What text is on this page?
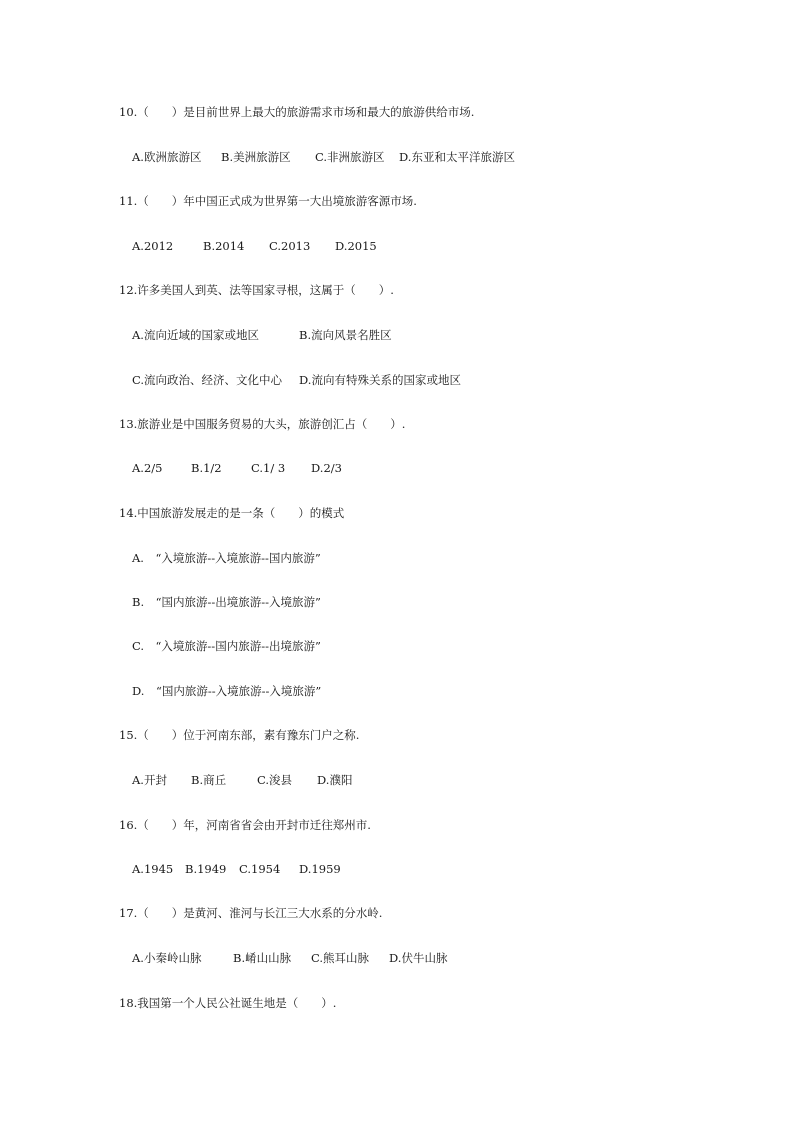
10.（　　）是目前世界上最大的旅游需求市场和最大的旅游供给市场.
A.欧洲旅游区 B.美洲旅游区 C.非洲旅游区 D.东亚和太平洋旅游区
11.（　　）年中国正式成为世界第一大出境旅游客源市场.
A.2012	B.2014 C.2013 D.2015
12.许多美国人到英、法等国家寻根，这属于（　　）.
A.流向近域的国家或地区	B.流向风景名胜区
C.流向政治、经济、文化中心 D.流向有特殊关系的国家或地区
13.旅游业是中国服务贸易的大头，旅游创汇占（　　）.
A.2/5 B.1/2	C.1/ 3 D.2/3
14.中国旅游发展走的是一条（　　）的模式
A.　“入境旅游--入境旅游--国内旅游”
B.　“国内旅游--出境旅游--入境旅游”
C.　“入境旅游--国内旅游--出境旅游”
D.　“国内旅游--入境旅游--入境旅游”
15.（　　）位于河南东部，素有豫东门户之称.
A.开封 B.商丘	C.浚县 D.濮阳
16.（　　）年，河南省省会由开封市迁往郑州市.
A.1945 B.1949 C.1954 D.1959
17.（　　）是黄河、淮河与长江三大水系的分水岭.
A.小秦岭山脉	B.崤山山脉 C.熊耳山脉 D.伏牛山脉
18.我国第一个人民公社诞生地是（　　）.
